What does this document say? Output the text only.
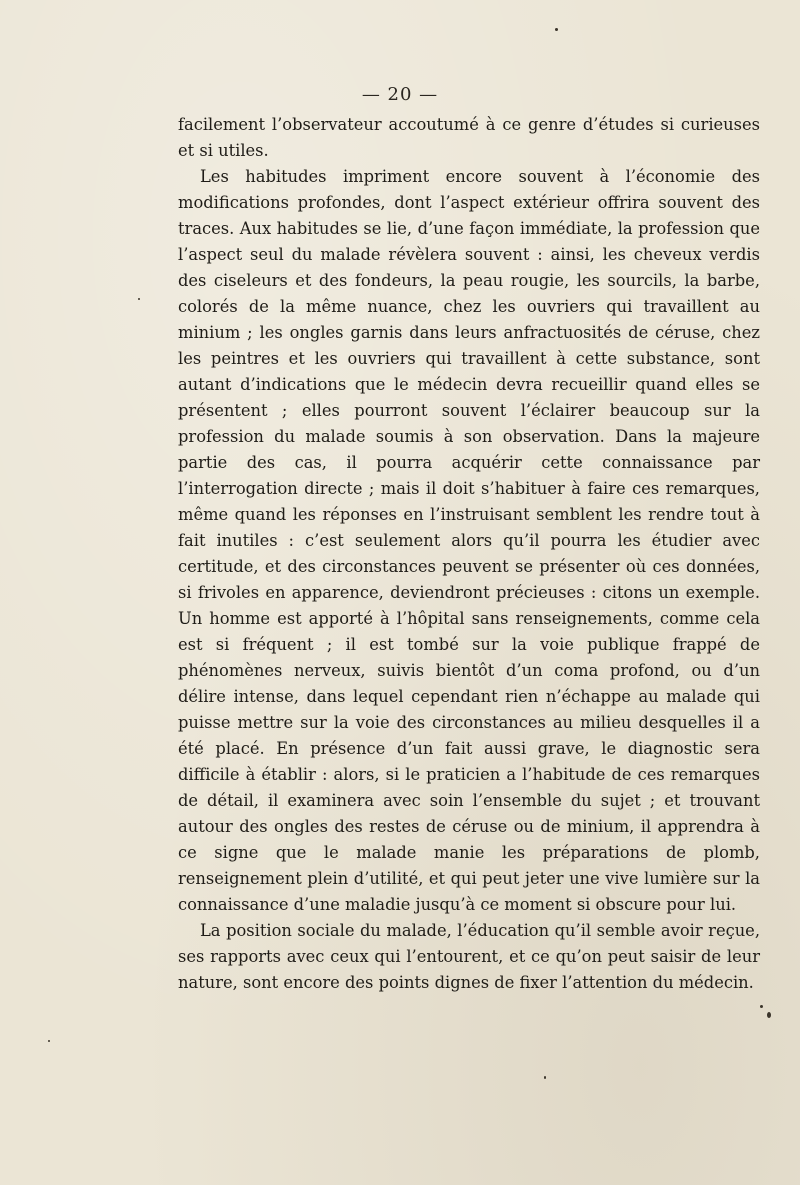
— 20 —

facilement l’observateur accoutumé à ce genre d’études si curieuses et si utiles.

Les habitudes impriment encore souvent à l’économie des modifications profondes, dont l’aspect extérieur offrira souvent des traces. Aux habitudes se lie, d’une façon immédiate, la profession que l’aspect seul du malade révèlera souvent : ainsi, les cheveux verdis des ciseleurs et des fondeurs, la peau rougie, les sourcils, la barbe, colorés de la même nuance, chez les ouvriers qui travaillent au minium ; les ongles garnis dans leurs anfractuosités de céruse, chez les peintres et les ouvriers qui travaillent à cette substance, sont autant d’indications que le médecin devra recueillir quand elles se présentent ; elles pourront souvent l’éclairer beaucoup sur la profession du malade soumis à son observation. Dans la majeure partie des cas, il pourra acquérir cette connaissance par l’interrogation directe ; mais il doit s’habituer à faire ces remarques, même quand les réponses en l’instruisant semblent les rendre tout à fait inutiles : c’est seulement alors qu’il pourra les étudier avec certitude, et des circonstances peuvent se présenter où ces données, si frivoles en apparence, deviendront précieuses : citons un exemple. Un homme est apporté à l’hôpital sans renseignements, comme cela est si fréquent ; il est tombé sur la voie publique frappé de phénomènes nerveux, suivis bientôt d’un coma profond, ou d’un délire intense, dans lequel cependant rien n’échappe au malade qui puisse mettre sur la voie des circonstances au milieu desquelles il a été placé. En présence d’un fait aussi grave, le diagnostic sera difficile à établir : alors, si le praticien a l’habitude de ces remarques de détail, il examinera avec soin l’ensemble du sujet ; et trouvant autour des ongles des restes de céruse ou de minium, il apprendra à ce signe que le malade manie les préparations de plomb, renseignement plein d’utilité, et qui peut jeter une vive lumière sur la connaissance d’une maladie jusqu’à ce moment si obscure pour lui.

La position sociale du malade, l’éducation qu’il semble avoir reçue, ses rapports avec ceux qui l’entourent, et ce qu’on peut saisir de leur nature, sont encore des points dignes de fixer l’attention du médecin.
